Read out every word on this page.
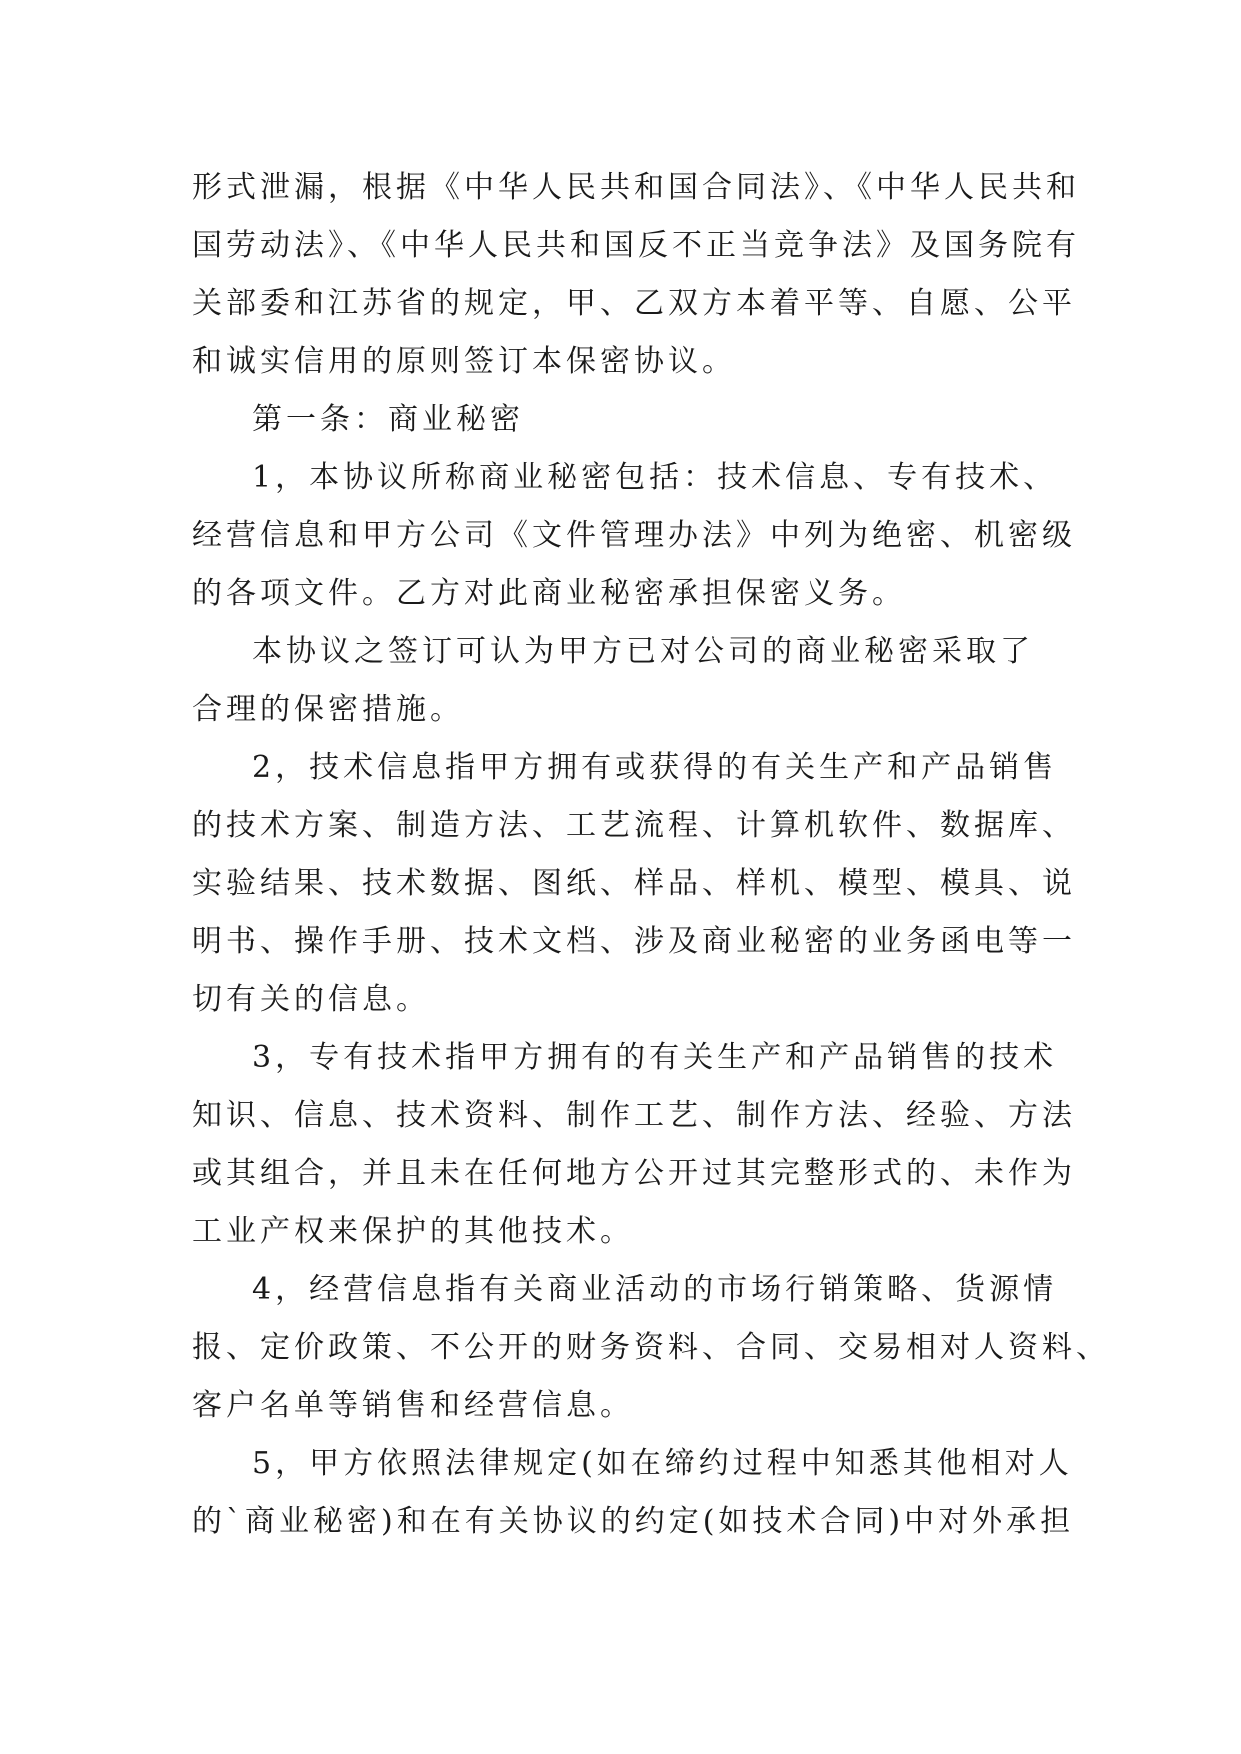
形式泄漏，根据《中华人民共和国合同法》、《中华人民共和
国劳动法》、《中华人民共和国反不正当竞争法》及国务院有
关部委和江苏省的规定，甲、乙双方本着平等、自愿、公平
和诚实信用的原则签订本保密协议。
第一条：商业秘密
1，本协议所称商业秘密包括：技术信息、专有技术、
经营信息和甲方公司《文件管理办法》中列为绝密、机密级
的各项文件。乙方对此商业秘密承担保密义务。
本协议之签订可认为甲方已对公司的商业秘密采取了
合理的保密措施。
2，技术信息指甲方拥有或获得的有关生产和产品销售
的技术方案、制造方法、工艺流程、计算机软件、数据库、
实验结果、技术数据、图纸、样品、样机、模型、模具、说
明书、操作手册、技术文档、涉及商业秘密的业务函电等一
切有关的信息。
3，专有技术指甲方拥有的有关生产和产品销售的技术
知识、信息、技术资料、制作工艺、制作方法、经验、方法
或其组合，并且未在任何地方公开过其完整形式的、未作为
工业产权来保护的其他技术。
4，经营信息指有关商业活动的市场行销策略、货源情
报、定价政策、不公开的财务资料、合同、交易相对人资料、
客户名单等销售和经营信息。
5，甲方依照法律规定(如在缔约过程中知悉其他相对人
的`商业秘密)和在有关协议的约定(如技术合同)中对外承担
